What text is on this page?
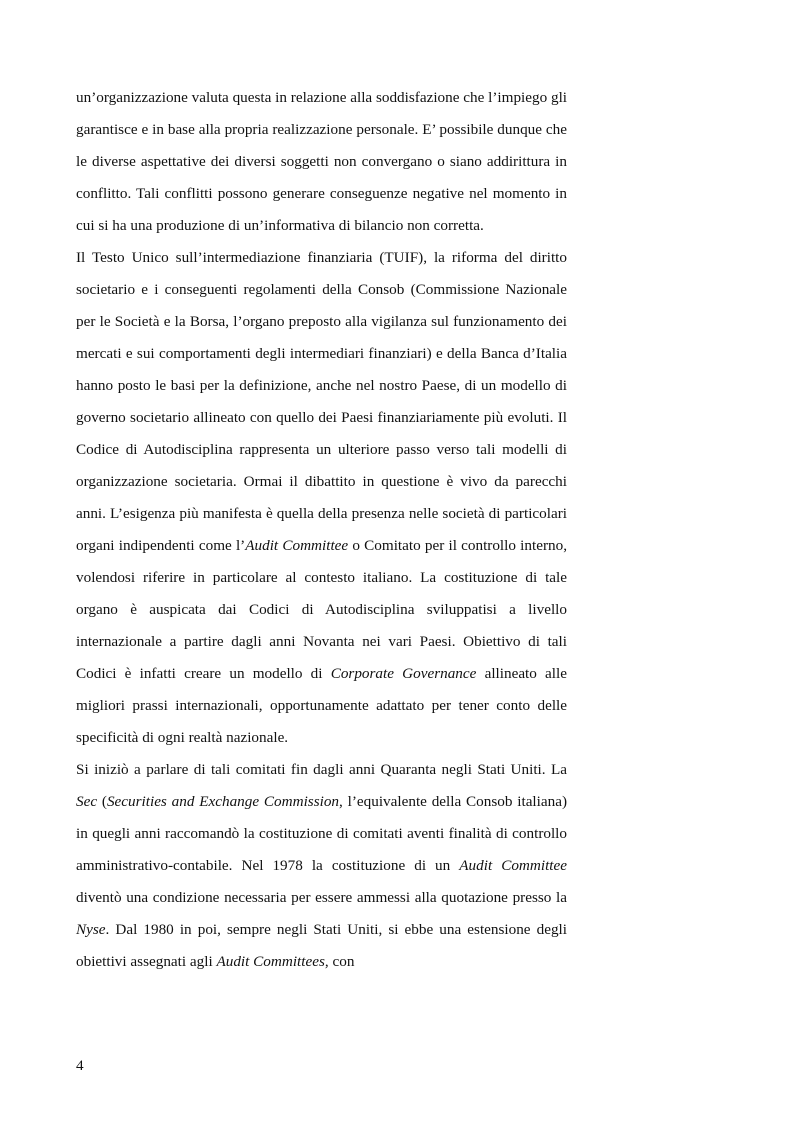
un’organizzazione valuta questa in relazione alla soddisfazione che l’impiego gli garantisce e in base alla propria realizzazione personale. E’ possibile dunque che le diverse aspettative dei diversi soggetti non convergano o siano addirittura in conflitto. Tali conflitti possono generare conseguenze negative nel momento in cui si ha una produzione di un’informativa di bilancio non corretta.

Il Testo Unico sull’intermediazione finanziaria (TUIF), la riforma del diritto societario e i conseguenti regolamenti della Consob (Commissione Nazionale per le Società e la Borsa, l’organo preposto alla vigilanza sul funzionamento dei mercati e sui comportamenti degli intermediari finanziari) e della Banca d’Italia hanno posto le basi per la definizione, anche nel nostro Paese, di un modello di governo societario allineato con quello dei Paesi finanziariamente più evoluti. Il Codice di Autodisciplina rappresenta un ulteriore passo verso tali modelli di organizzazione societaria. Ormai il dibattito in questione è vivo da parecchi anni. L’esigenza più manifesta è quella della presenza nelle società di particolari organi indipendenti come l’Audit Committee o Comitato per il controllo interno, volendosi riferire in particolare al contesto italiano. La costituzione di tale organo è auspicata dai Codici di Autodisciplina sviluppatisi a livello internazionale a partire dagli anni Novanta nei vari Paesi. Obiettivo di tali Codici è infatti creare un modello di Corporate Governance allineato alle migliori prassi internazionali, opportunamente adattato per tener conto delle specificità di ogni realtà nazionale.

Si iniziò a parlare di tali comitati fin dagli anni Quaranta negli Stati Uniti. La Sec (Securities and Exchange Commission, l’equivalente della Consob italiana) in quegli anni raccomandò la costituzione di comitati aventi finalità di controllo amministrativo-contabile. Nel 1978 la costituzione di un Audit Committee diventò una condizione necessaria per essere ammessi alla quotazione presso la Nyse. Dal 1980 in poi, sempre negli Stati Uniti, si ebbe una estensione degli obiettivi assegnati agli Audit Committees, con

4
